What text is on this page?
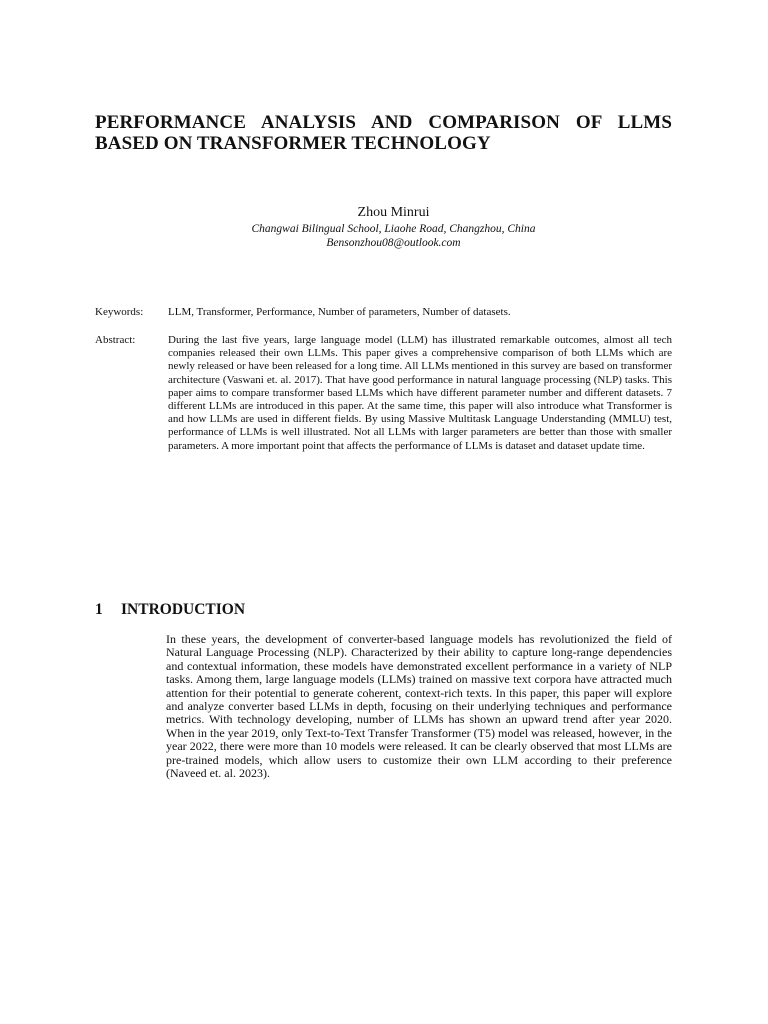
PERFORMANCE ANALYSIS AND COMPARISON OF LLMS BASED ON TRANSFORMER TECHNOLOGY
Zhou Minrui
Changwai Bilingual School, Liaohe Road, Changzhou, China
Bensonzhou08@outlook.com
Keywords:	LLM, Transformer, Performance, Number of parameters, Number of datasets.
Abstract:	During the last five years, large language model (LLM) has illustrated remarkable outcomes, almost all tech companies released their own LLMs. This paper gives a comprehensive comparison of both LLMs which are newly released or have been released for a long time. All LLMs mentioned in this survey are based on transformer architecture (Vaswani et. al. 2017). That have good performance in natural language processing (NLP) tasks. This paper aims to compare transformer based LLMs which have different parameter number and different datasets. 7 different LLMs are introduced in this paper. At the same time, this paper will also introduce what Transformer is and how LLMs are used in different fields. By using Massive Multitask Language Understanding (MMLU) test, performance of LLMs is well illustrated. Not all LLMs with larger parameters are better than those with smaller parameters. A more important point that affects the performance of LLMs is dataset and dataset update time.
1 INTRODUCTION
In these years, the development of converter-based language models has revolutionized the field of Natural Language Processing (NLP). Characterized by their ability to capture long-range dependencies and contextual information, these models have demonstrated excellent performance in a variety of NLP tasks. Among them, large language models (LLMs) trained on massive text corpora have attracted much attention for their potential to generate coherent, context-rich texts. In this paper, this paper will explore and analyze converter based LLMs in depth, focusing on their underlying techniques and performance metrics. With technology developing, number of LLMs has shown an upward trend after year 2020. When in the year 2019, only Text-to-Text Transfer Transformer (T5) model was released, however, in the year 2022, there were more than 10 models were released. It can be clearly observed that most LLMs are pre-trained models, which allow users to customize their own LLM according to their preference (Naveed et. al. 2023).
